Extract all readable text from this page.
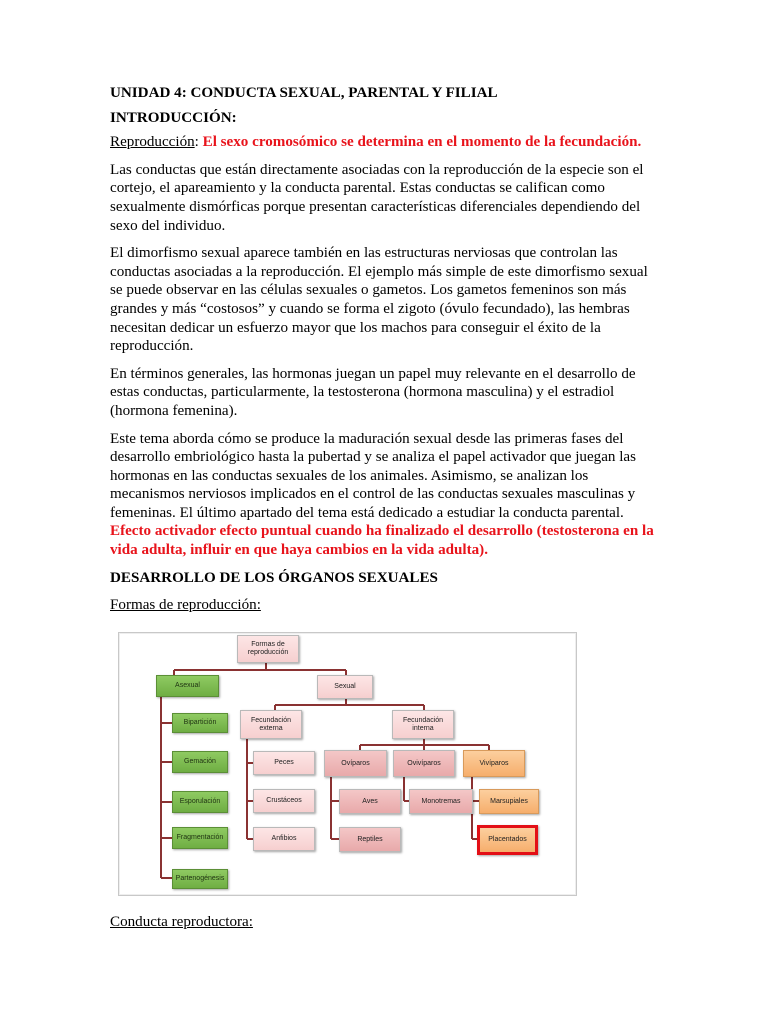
UNIDAD 4: CONDUCTA SEXUAL, PARENTAL Y FILIAL

INTRODUCCIÓN:

Reproducción: El sexo cromosómico se determina en el momento de la fecundación.

Las conductas que están directamente asociadas con la reproducción de la especie son el cortejo, el apareamiento y la conducta parental. Estas conductas se califican como sexualmente dismórficas porque presentan características diferenciales dependiendo del sexo del individuo.

El dimorfismo sexual aparece también en las estructuras nerviosas que controlan las conductas asociadas a la reproducción. El ejemplo más simple de este dimorfismo sexual se puede observar en las células sexuales o gametos. Los gametos femeninos son más grandes y más “costosos” y cuando se forma el zigoto (óvulo fecundado), las hembras necesitan dedicar un esfuerzo mayor que los machos para conseguir el éxito de la reproducción.

En términos generales, las hormonas juegan un papel muy relevante en el desarrollo de estas conductas, particularmente, la testosterona (hormona masculina) y el estradiol (hormona femenina).

Este tema aborda cómo se produce la maduración sexual desde las primeras fases del desarrollo embriológico hasta la pubertad y se analiza el papel activador que juegan las hormonas en las conductas sexuales de los animales. Asimismo, se analizan los mecanismos nerviosos implicados en el control de las conductas sexuales masculinas y femeninas. El último apartado del tema está dedicado a estudiar la conducta parental.

Efecto activador efecto puntual cuando ha finalizado el desarrollo (testosterona en la vida adulta, influir en que haya cambios en la vida adulta).

DESARROLLO DE LOS ÓRGANOS SEXUALES

Formas de reproducción:

Formas de reproducción
Asexual	Sexual
Bipartición
Gemación
Esporulación
Fragmentación
Partenogénesis
Fecundación externa
Peces
Crustáceos
Anfibios
Fecundación interna
Ovíparos	Ovivíparos	Vivíparos
Aves
Reptiles
Monotremas	Marsupiales
Placentados
Conducta reproductora:
